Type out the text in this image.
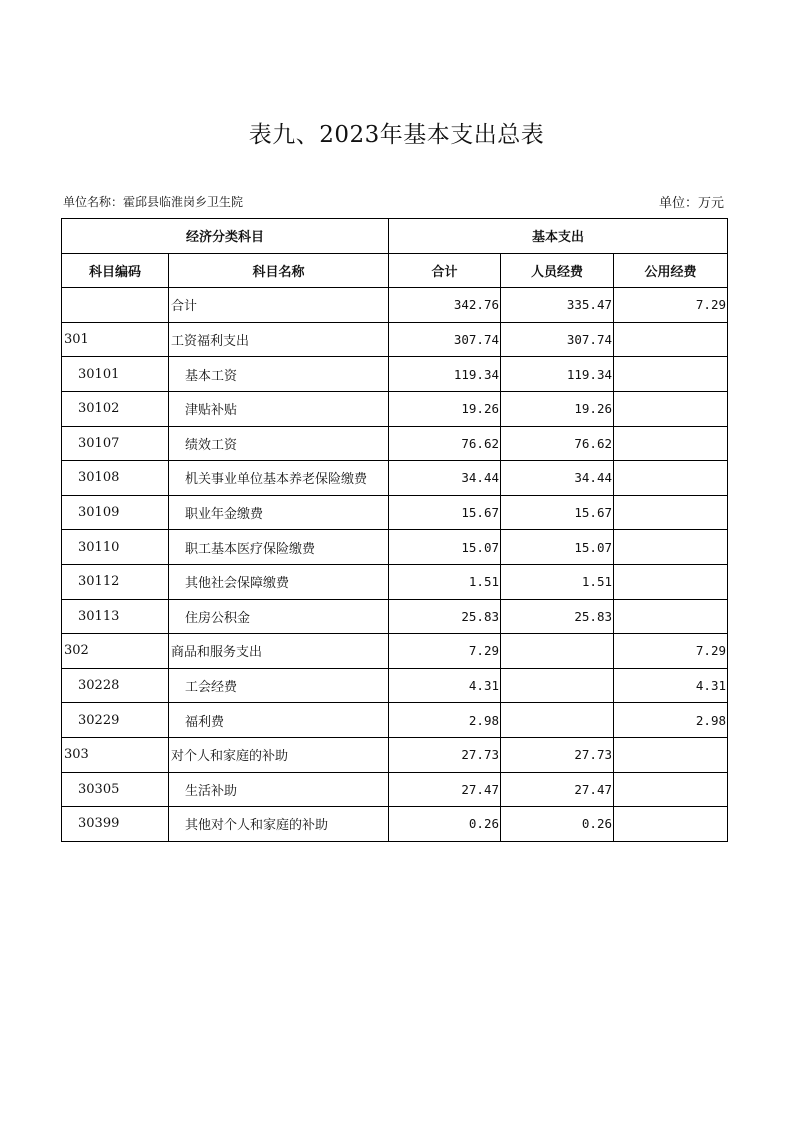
表九、2023年基本支出总表
单位名称：霍邱县临淮岗乡卫生院	单位：万元
经济分类科目		基本支出		
科目编码	科目名称	合计	人员经费	公用经费
	合计	342.76	335.47	7.29
301	工资福利支出	307.74	307.74	
30101	基本工资	119.34	119.34	
30102	津贴补贴	19.26	19.26	
30107	绩效工资	76.62	76.62	
30108	机关事业单位基本养老保险缴费	34.44	34.44	
30109	职业年金缴费	15.67	15.67	
30110	职工基本医疗保险缴费	15.07	15.07	
30112	其他社会保障缴费	1.51	1.51	
30113	住房公积金	25.83	25.83	
302	商品和服务支出	7.29		7.29
30228	工会经费	4.31		4.31
30229	福利费	2.98		2.98
303	对个人和家庭的补助	27.73	27.73	
30305	生活补助	27.47	27.47	
30399	其他对个人和家庭的补助	0.26	0.26	
